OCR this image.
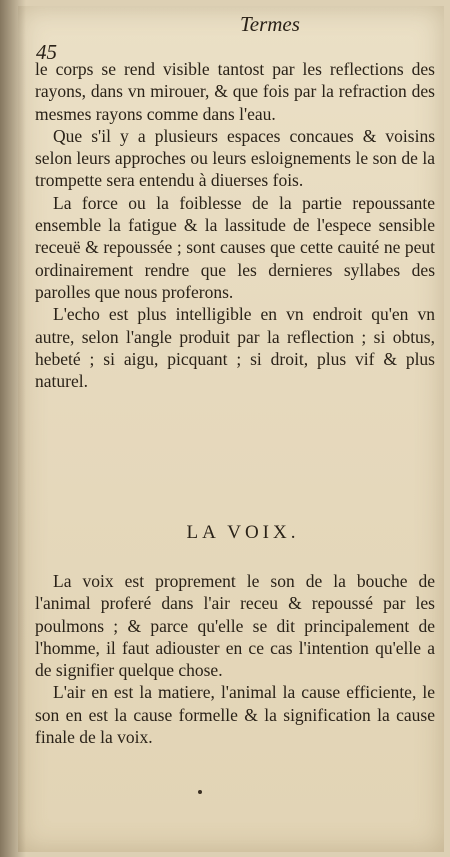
45
Termes

le corps se rend visible tantost par les reflections des rayons, dans vn mirouer, & que fois par la refraction des mesmes rayons comme dans l'eau.

Que s'il y a plusieurs espaces concaues & voisins selon leurs approches ou leurs esloignements le son de la trompette sera entendu à diuerses fois.

La force ou la foiblesse de la partie repoussante ensemble la fatigue & la lassitude de l'espece sensible receuë & repoussée ; sont causes que cette cauité ne peut ordinairement rendre que les dernieres syllabes des parolles que nous proferons.

L'echo est plus intelligible en vn endroit qu'en vn autre, selon l'angle produit par la reflection ; si obtus, hebeté ; si aigu, picquant ; si droit, plus vif & plus naturel.

LA VOIX.

La voix est proprement le son de la bouche de l'animal proferé dans l'air receu & repoussé par les poulmons ; & parce qu'elle se dit principalement de l'homme, il faut adiouster en ce cas l'intention qu'elle a de signifier quelque chose.

L'air en est la matiere, l'animal la cause efficiente, le son en est la cause formelle & la signification la cause finale de la voix.
